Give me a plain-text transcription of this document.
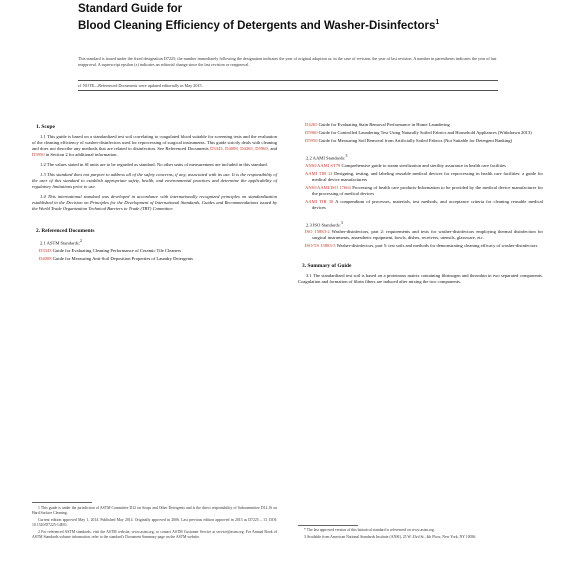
Standard Guide for
Blood Cleaning Efficiency of Detergents and Washer-Disinfectors$^1$
This standard is issued under the fixed designation D7225; the number immediately following the designation indicates the year of original adoption or, in the case of revision, the year of last revision. A number in parentheses indicates the year of last reapproval. A superscript epsilon (ε) indicates an editorial change since the last revision or reapproval.
ε1 NOTE—Referenced Documents were updated editorially in May 2015.
1. Scope
1.1 This guide is based on a standardized test soil correlating to coagulated blood suitable for screening tests and the evaluation of the cleaning efficiency of washer-disinfectors used for reprocessing of surgical instruments. This guide strictly deals with cleaning and does not describe any methods that are related to disinfection. See Referenced Documents D3343, D4008, D4265, D5960, and D5950 in Section 2 for additional information.
1.2 The values stated in SI units are to be regarded as standard. No other units of measurement are included in this standard.
1.3 This standard does not purport to address all of the safety concerns, if any, associated with its use. It is the responsibility of the user of this standard to establish appropriate safety, health, and environmental practices and determine the applicability of regulatory limitations prior to use.
1.4 This international standard was developed in accordance with internationally recognized principles on standardization established in the Decision on Principles for the Development of International Standards, Guides and Recommendations issued by the World Trade Organization Technical Barriers to Trade (TBT) Committee.
2. Referenced Documents
2.1 ASTM Standards:$^2$
D3343 Guide for Evaluating Cleaning Performance of Ceramic Tile Cleaners
D4008 Guide for Measuring Anti-Soil Deposition Properties of Laundry Detergents
D4265 Guide for Evaluating Stain Removal Performance in Home Laundering
D5960 Guide for Controlled Laundering Test Using Naturally Soiled Fabrics and Household Appliances (Withdrawn 2013)
D5950 Guide for Measuring Soil Removal from Artificially Soiled Fabrics (Not Suitable for Detergent Ranking)
2.2 AAMI Standards:$^3$
ANSI/AAMI ST79 Comprehensive guide to steam sterilization and sterility assurance in health care facilities
AAMI TIR 12 Designing, testing, and labeling reusable medical devices for reprocessing in health care facilities: a guide for medical device manufacturers
ANSI/AAMI/ISO 17664 Processing of health care products-Information to be provided by the medical device manufacturer for the processing of medical devices
AAMI TIR 30 A compendium of processes, materials, test methods, and acceptance criteria for cleaning reusable medical devices
2.3 ISO Standards:$^3$
ISO 15883-2 Washer-disinfectors, part 2: requirements and tests for washer-disinfectors employing thermal disinfection for surgical instruments, anaesthetic equipment, bowls, dishes, receivers, utensils, glassware, etc.
ISO/TS 15883-5 Washer-disinfectors, part 5: test soils and methods for demonstrating cleaning efficacy of washer-disinfectors
3. Summary of Guide
3.1 The standardized test soil is based on a proteinous matrix containing fibrinogen and thrombin in two separated components. Coagulation and formation of fibrin fibers are induced after mixing the two components.
1 This guide is under the jurisdiction of ASTM Committee D12 on Soaps and Other Detergents and is the direct responsibility of Subcommittee D12.16 on Hard Surface Cleaning.
Current edition approved May 1, 2014. Published May 2014. Originally approved in 2006. Last previous edition approved in 2013 as D7225 – 13. DOI: 10.1520/D7225-14E01.
2 For referenced ASTM standards, visit the ASTM website, www.astm.org, or contact ASTM Customer Service at service@astm.org. For Annual Book of ASTM Standards volume information, refer to the standard's Document Summary page on the ASTM website.
* The last approved version of this historical standard is referenced on www.astm.org.
3 Available from American National Standards Institute (ANSI), 25 W. 43rd St., 4th Floor, New York, NY 10036.
